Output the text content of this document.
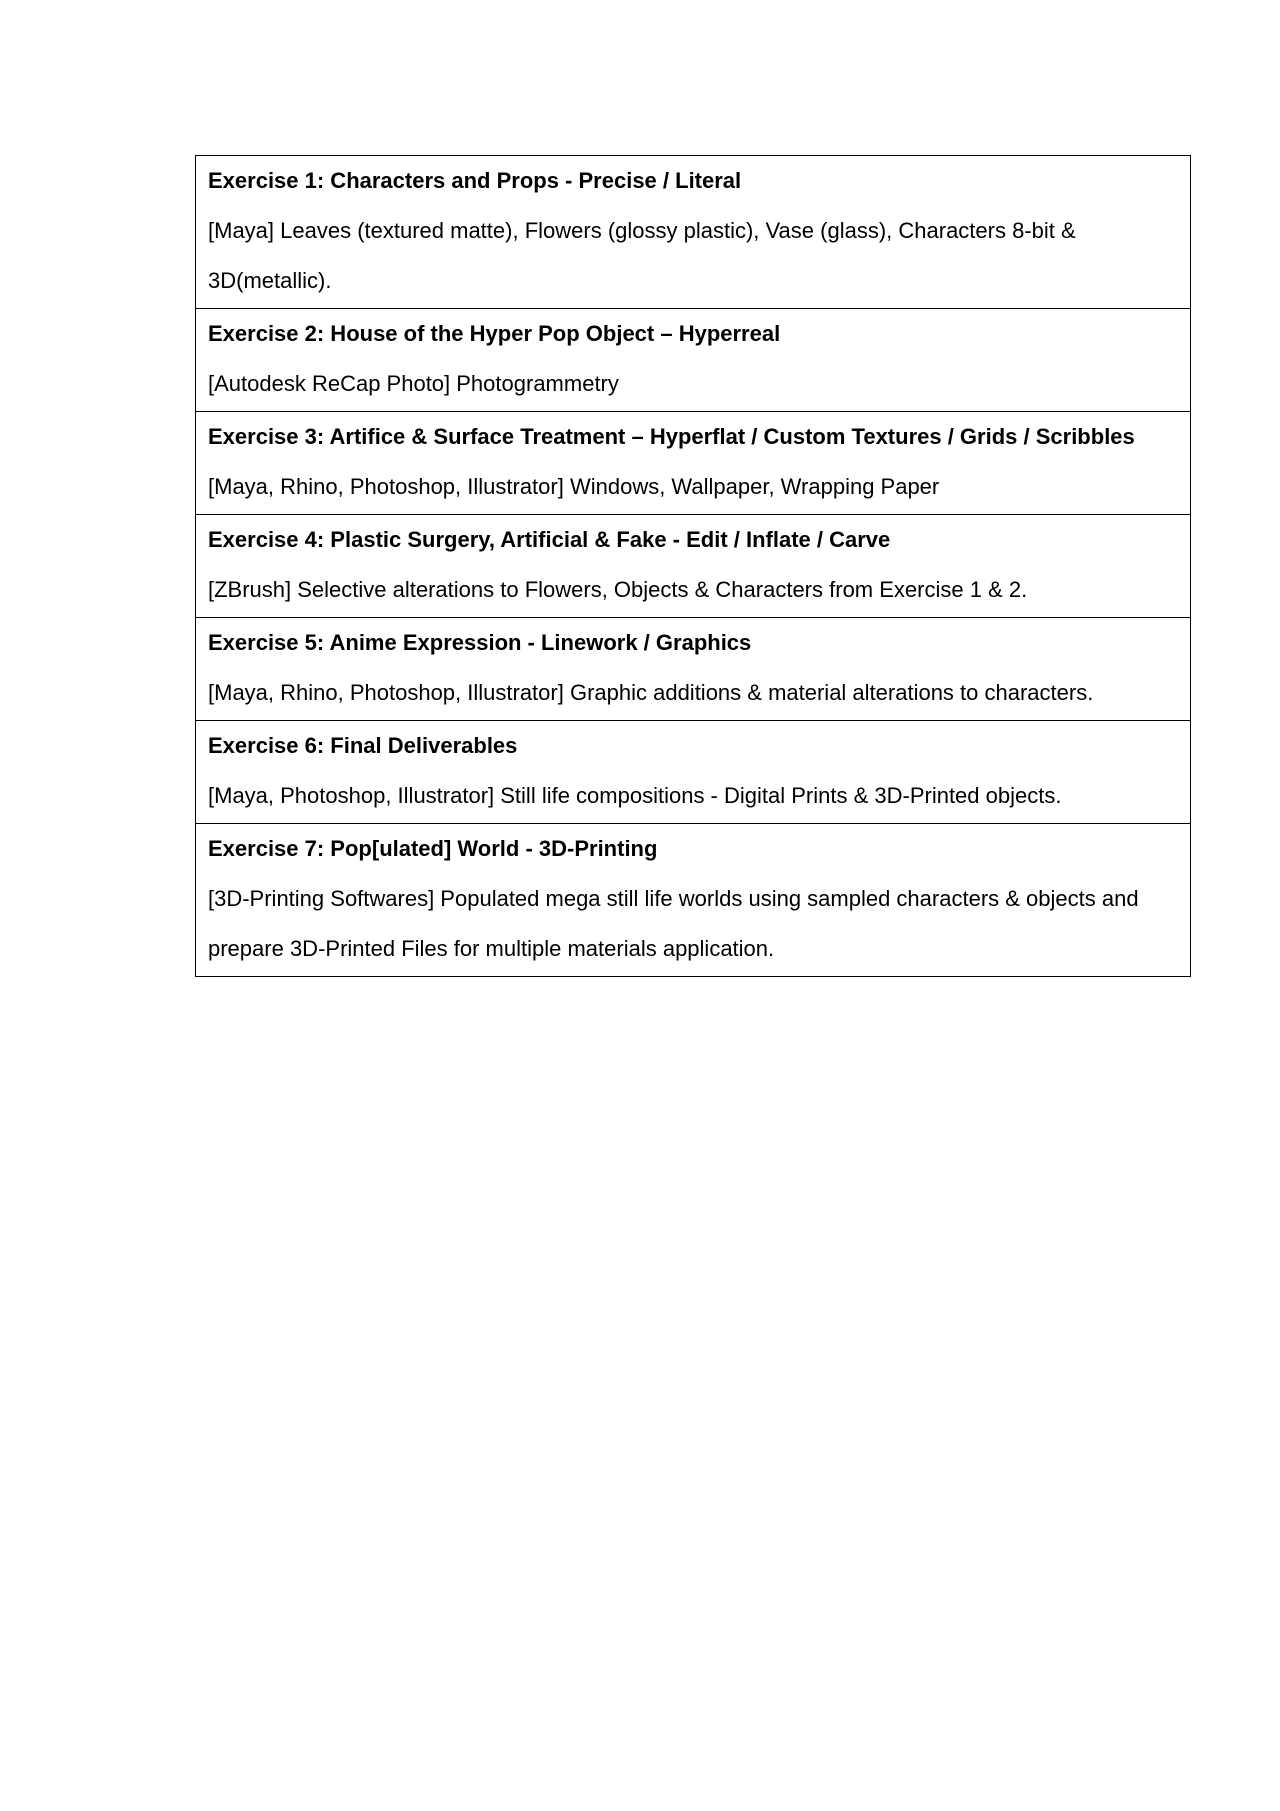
Exercise 1: Characters and Props - Precise / Literal
[Maya] Leaves (textured matte), Flowers (glossy plastic), Vase (glass), Characters 8-bit & 3D(metallic).

Exercise 2: House of the Hyper Pop Object – Hyperreal
[Autodesk ReCap Photo] Photogrammetry

Exercise 3: Artifice & Surface Treatment – Hyperflat / Custom Textures / Grids / Scribbles
[Maya, Rhino, Photoshop, Illustrator] Windows, Wallpaper, Wrapping Paper

Exercise 4: Plastic Surgery, Artificial & Fake - Edit / Inflate / Carve
[ZBrush] Selective alterations to Flowers, Objects & Characters from Exercise 1 & 2.

Exercise 5: Anime Expression - Linework / Graphics
[Maya, Rhino, Photoshop, Illustrator] Graphic additions & material alterations to characters.

Exercise 6: Final Deliverables
[Maya, Photoshop, Illustrator] Still life compositions - Digital Prints & 3D-Printed objects.

Exercise 7: Pop[ulated] World - 3D-Printing
[3D-Printing Softwares] Populated mega still life worlds using sampled characters & objects and prepare 3D-Printed Files for multiple materials application.
